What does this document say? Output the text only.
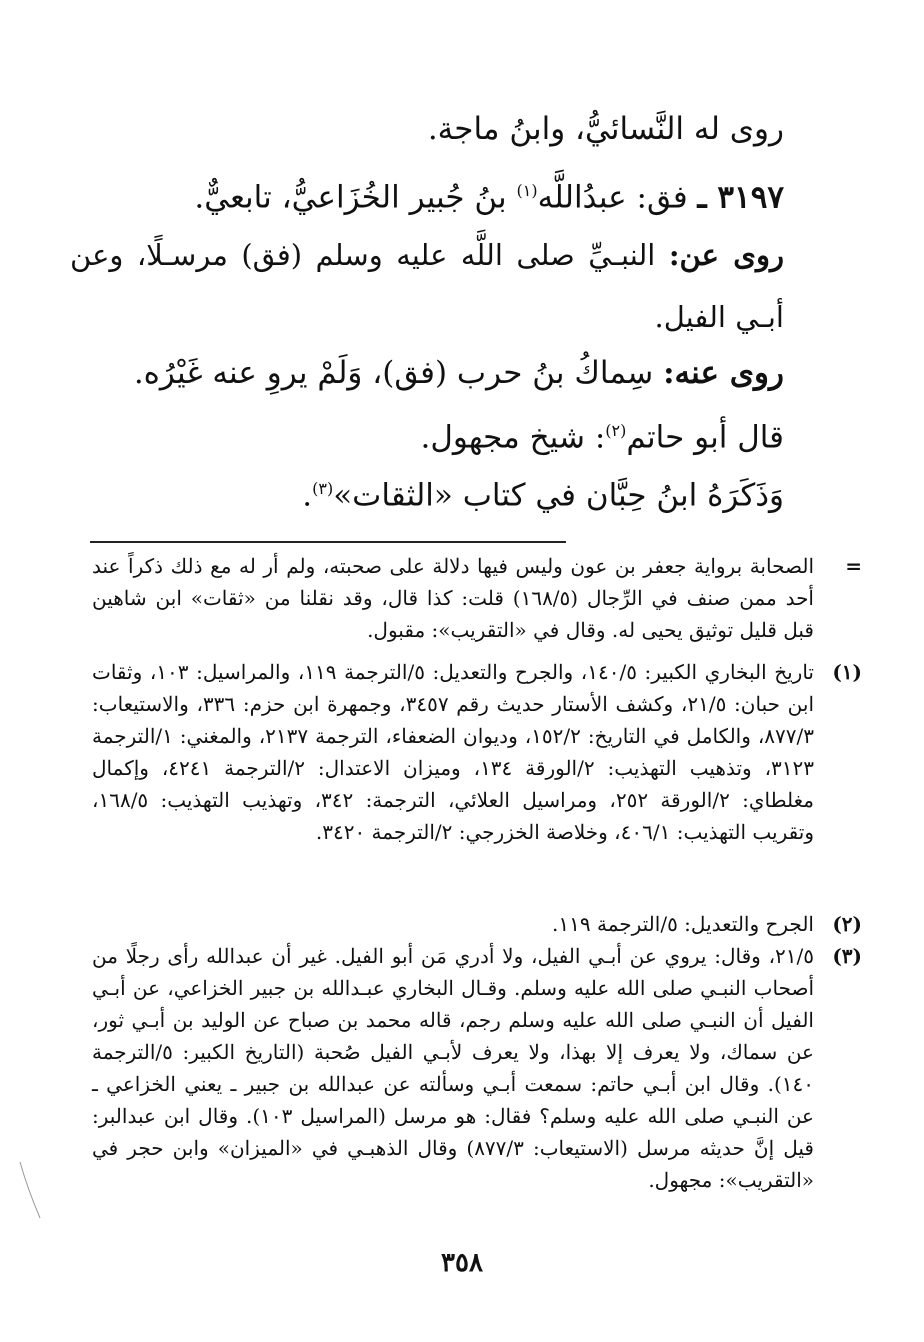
روى له النَّسائيُّ، وابنُ ماجة.
٣١٩٧ ـ فق: عبدُاللَّه$^{(١)}$ بنُ جُبير الخُزَاعيُّ، تابعيٌّ.
روى عن: النبـيِّ صلى اللَّه عليه وسلم (فق) مرسـلًا، وعن أبـي الفيل.
روى عنه: سِماكُ بنُ حرب (فق)، وَلَمْ يروِ عنه غَيْرُه.
قال أبو حاتم$^{(٢)}$: شيخ مجهول.
وَذَكَرَهُ ابنُ حِبَّان في كتاب «الثقات»$^{(٣)}$.
=
الصحابة برواية جعفر بن عون وليس فيها دلالة على صحبته، ولم أر له مع ذلك ذكراً عند أحد ممن صنف في الرِّجال (١٦٨/٥) قلت: كذا قال، وقد نقلنا من «ثقات» ابن شاهين قبل قليل توثيق يحيى له. وقال في «التقريب»: مقبول.
(١)
تاريخ البخاري الكبير: ١٤٠/٥، والجرح والتعديل: ٥/الترجمة ١١٩، والمراسيل: ١٠٣، وثقات ابن حبان: ٢١/٥، وكشف الأستار حديث رقم ٣٤٥٧، وجمهرة ابن حزم: ٣٣٦، والاستيعاب: ٨٧٧/٣، والكامل في التاريخ: ١٥٢/٢، وديوان الضعفاء، الترجمة ٢١٣٧، والمغني: ١/الترجمة ٣١٢٣، وتذهيب التهذيب: ٢/الورقة ١٣٤، وميزان الاعتدال: ٢/الترجمة ٤٢٤١، وإكمال مغلطاي: ٢/الورقة ٢٥٢، ومراسيل العلائي، الترجمة: ٣٤٢، وتهذيب التهذيب: ١٦٨/٥، وتقريب التهذيب: ٤٠٦/١، وخلاصة الخزرجي: ٢/الترجمة ٣٤٢٠.
(٢)
الجرح والتعديل: ٥/الترجمة ١١٩.
(٣)
٢١/٥، وقال: يروي عن أبـي الفيل، ولا أدري مَن أبو الفيل. غير أن عبدالله رأى رجلًا من أصحاب النبـي صلى الله عليه وسلم. وقـال البخاري عبـدالله بن جبير الخزاعي، عن أبـي الفيل أن النبـي صلى الله عليه وسلم رجم، قاله محمد بن صباح عن الوليد بن أبـي ثور، عن سماك، ولا يعرف إلا بهذا، ولا يعرف لأبـي الفيل صُحبة (التاريخ الكبير: ٥/الترجمة ١٤٠). وقال ابن أبـي حاتم: سمعت أبـي وسألته عن عبدالله بن جبير ـ يعني الخزاعي ـ عن النبـي صلى الله عليه وسلم؟ فقال: هو مرسل (المراسيل ١٠٣). وقال ابن عبدالبر: قيل إنَّ حديثه مرسل (الاستيعاب: ٨٧٧/٣) وقال الذهبـي في «الميزان» وابن حجر في «التقريب»: مجهول.
٣٥٨
